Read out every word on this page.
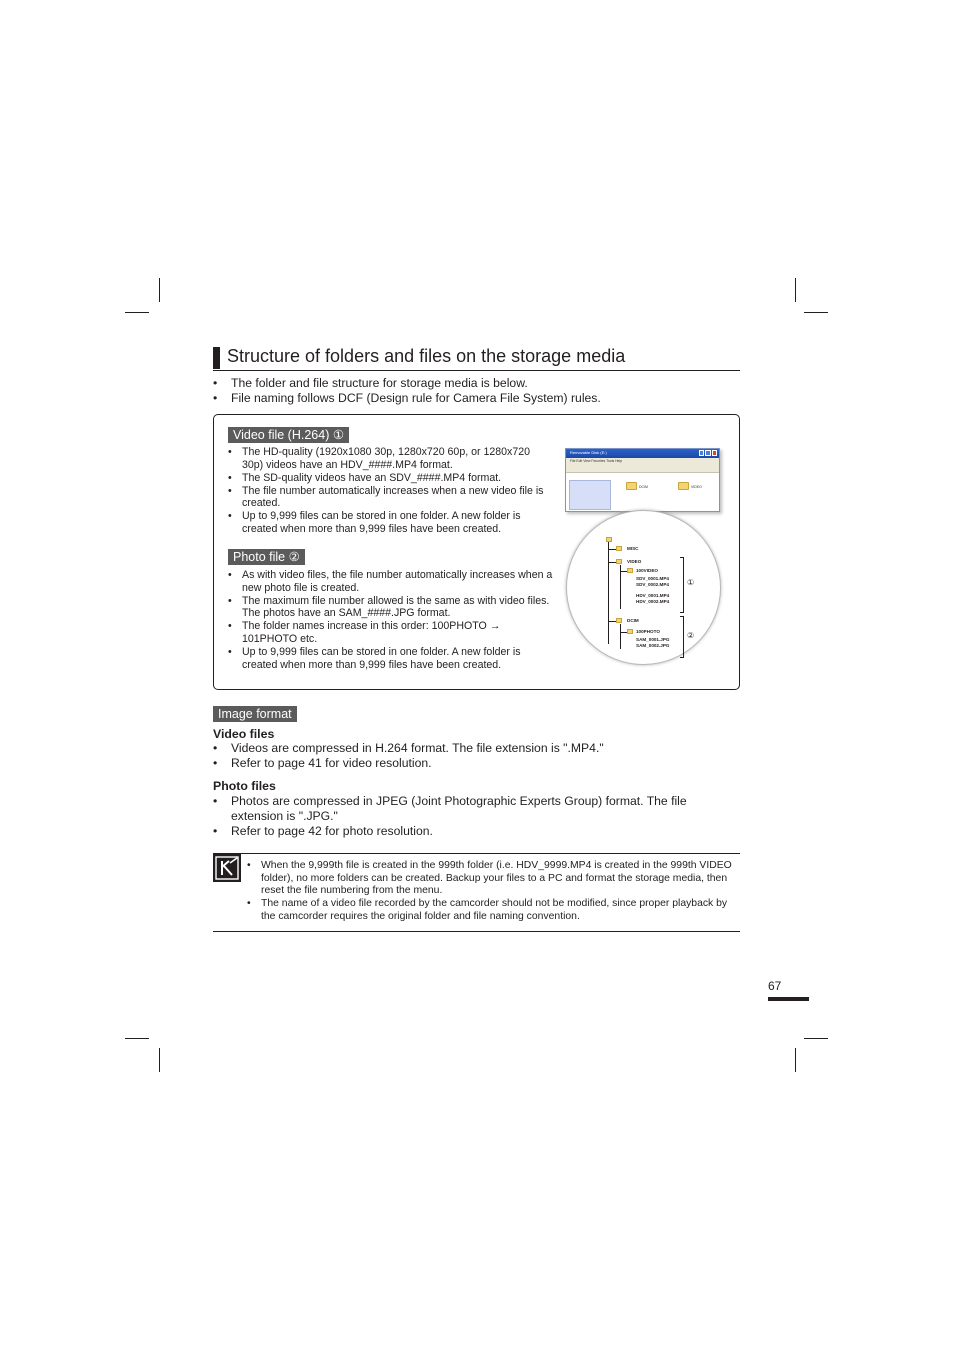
Structure of folders and files on the storage media
• The folder and file structure for storage media is below.
• File naming follows DCF (Design rule for Camera File System) rules.
Video file (H.264) ①
• The HD-quality (1920x1080 30p, 1280x720 60p, or 1280x720 30p) videos have an HDV_####.MP4 format.
• The SD-quality videos have an SDV_####.MP4 format.
• The file number automatically increases when a new video file is created.
• Up to 9,999 files can be stored in one folder. A new folder is created when more than 9,999 files have been created.
Photo file ②
• As with video files, the file number automatically increases when a new photo file is created.
• The maximum file number allowed is the same as with video files. The photos have an SAM_####.JPG format.
• The folder names increase in this order: 100PHOTO → 101PHOTO etc.
• Up to 9,999 files can be stored in one folder. A new folder is created when more than 9,999 files have been created.
Removable Disk (E:)
File Edit View Favorites Tools Help
DCIM	VIDEO
MISC
VIDEO
100VIDEO
SDV_0001.MP4
SDV_0002.MP4
HDV_0001.MP4
HDV_0002.MP4
①
DCIM
100PHOTO
SAM_0001.JPG
SAM_0002.JPG
②
Image format
Video files
• Videos are compressed in H.264 format. The file extension is ".MP4."
• Refer to page 41 for video resolution.
Photo files
• Photos are compressed in JPEG (Joint Photographic Experts Group) format. The file extension is ".JPG."
• Refer to page 42 for photo resolution.
• When the 9,999th file is created in the 999th folder (i.e. HDV_9999.MP4 is created in the 999th VIDEO folder), no more folders can be created. Backup your files to a PC and format the storage media, then reset the file numbering from the menu.
• The name of a video file recorded by the camcorder should not be modified, since proper playback by the camcorder requires the original folder and file naming convention.
67
